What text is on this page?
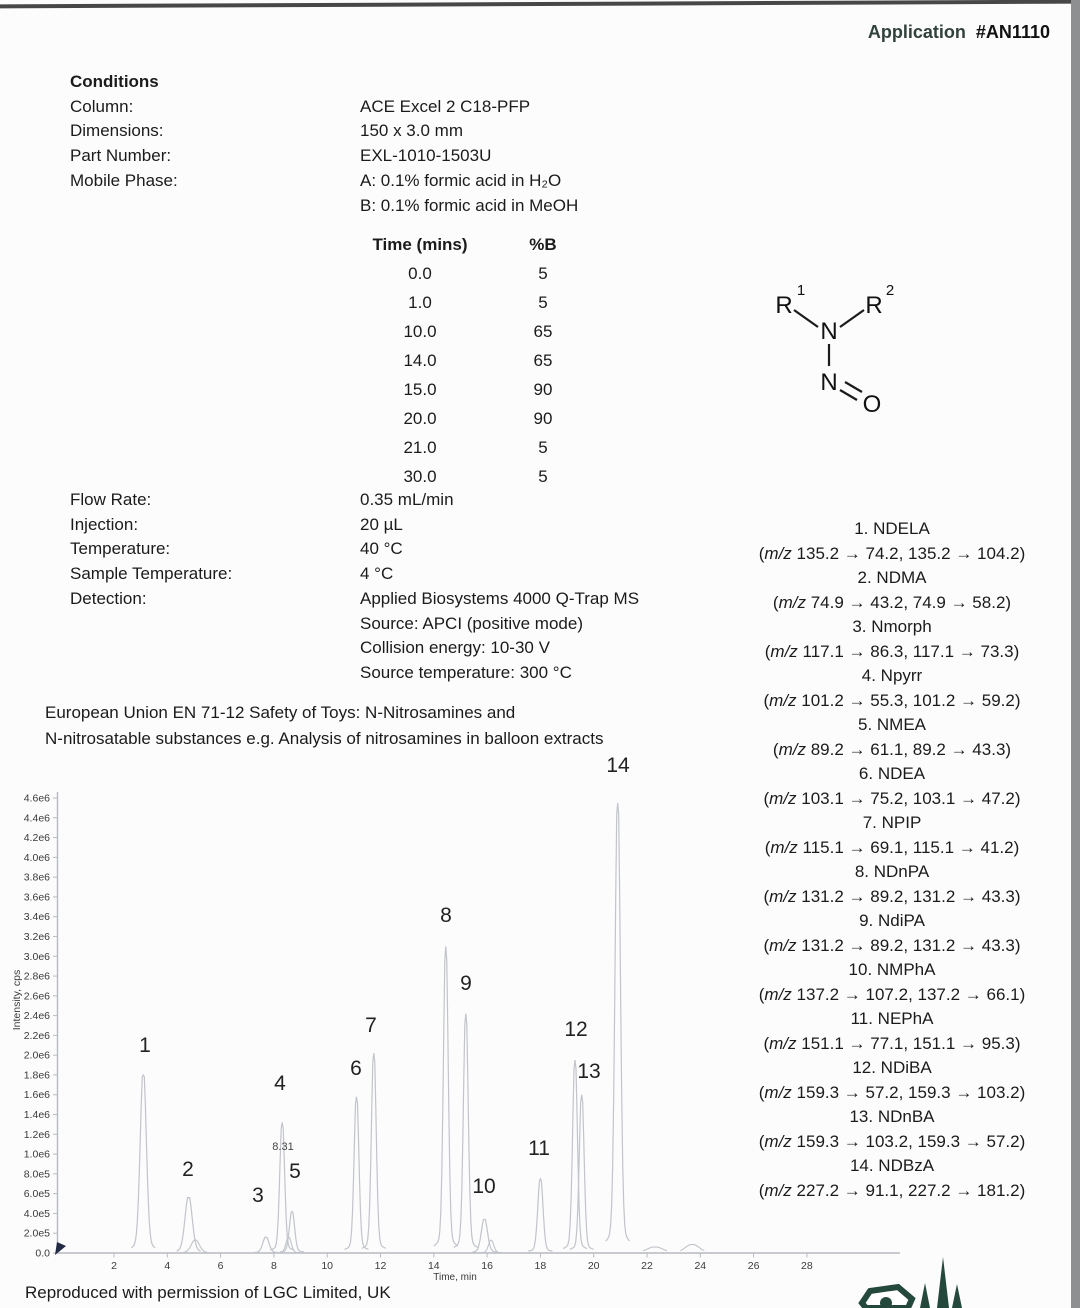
Application #AN1110
Conditions
Column:	ACE Excel 2 C18-PFP
Dimensions:	150 x 3.0 mm
Part Number:	EXL-1010-1503U
Mobile Phase:	A: 0.1% formic acid in H₂O
B: 0.1% formic acid in MeOH
Time (mins)	%B
0.0	5
1.0	5
10.0	65
14.0	65
15.0	90
20.0	90
21.0	5
30.0	5
Flow Rate:	0.35 mL/min
Injection:	20 µL
Temperature:	40 °C
Sample Temperature:	4 °C
Detection:	Applied Biosystems 4000 Q-Trap MS
Source: APCI (positive mode)
Collision energy: 10-30 V
Source temperature: 300 °C
R
1
R
2
N
N
O
1. NDELA
(m/z 135.2 → 74.2, 135.2 → 104.2)
2. NDMA
(m/z 74.9 → 43.2, 74.9 → 58.2)
3. Nmorph
(m/z 117.1 → 86.3, 117.1 → 73.3)
4. Npyrr
(m/z 101.2 → 55.3, 101.2 → 59.2)
5. NMEA
(m/z 89.2 → 61.1, 89.2 → 43.3)
6. NDEA
(m/z 103.1 → 75.2, 103.1 → 47.2)
7. NPIP
(m/z 115.1 → 69.1, 115.1 → 41.2)
8. NDnPA
(m/z 131.2 → 89.2, 131.2 → 43.3)
9. NdiPA
(m/z 131.2 → 89.2, 131.2 → 43.3)
10. NMPhA
(m/z 137.2 → 107.2, 137.2 → 66.1)
11. NEPhA
(m/z 151.1 → 77.1, 151.1 → 95.3)
12. NDiBA
(m/z 159.3 → 57.2, 159.3 → 103.2)
13. NDnBA
(m/z 159.3 → 103.2, 159.3 → 57.2)
14. NDBzA
(m/z 227.2 → 91.1, 227.2 → 181.2)
European Union EN 71-12 Safety of Toys: N-Nitrosamines and
N-nitrosatable substances e.g. Analysis of nitrosamines in balloon extracts
4.6e6
4.4e6
4.2e6
4.0e6
3.8e6
3.6e6
3.4e6
3.2e6
3.0e6
2.8e6
2.6e6
2.4e6
2.2e6
2.0e6
1.8e6
1.6e6
1.4e6
1.2e6
1.0e6
8.0e5
6.0e5
4.0e5
2.0e5
0.0
2	4	6	8	10	12	14	16	18	20	22	24	26	28
Time, min
Intensity, cps
1
2
3
4
8.31
5
6
7
8
9
10
11
12
13
14
Reproduced with permission of LGC Limited, UK
